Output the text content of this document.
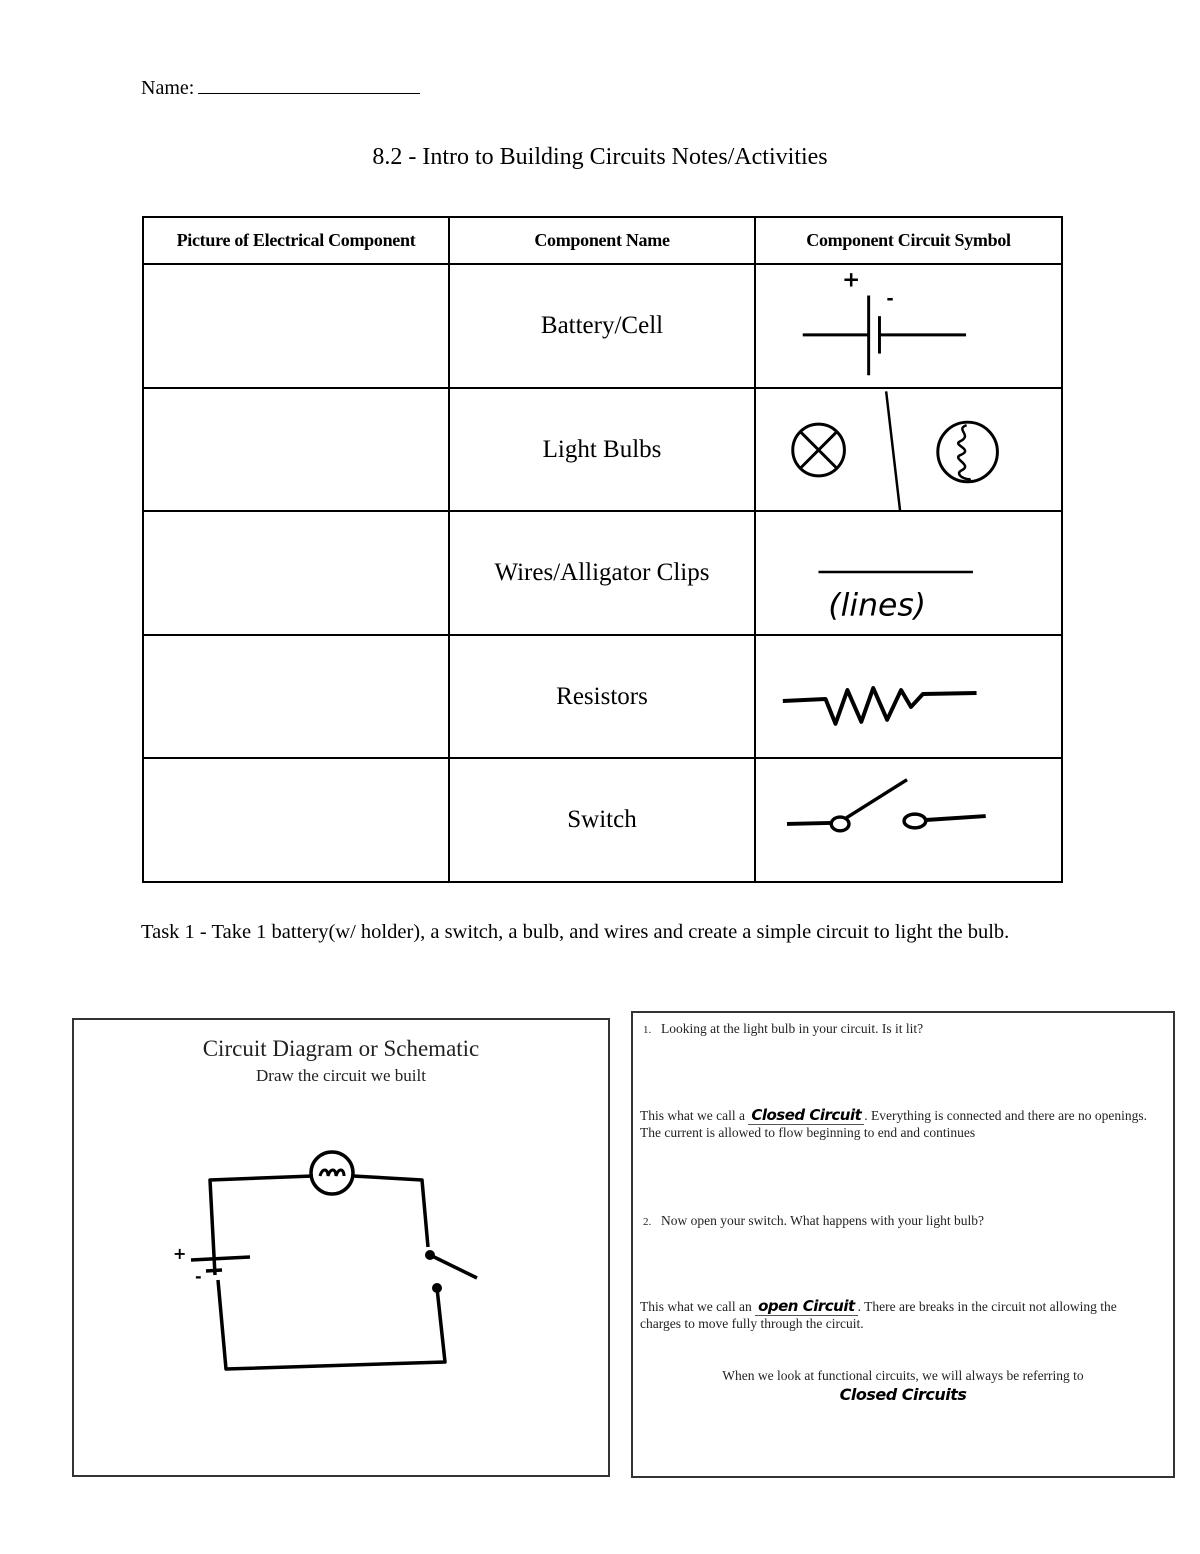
Name:
8.2 - Intro to Building Circuits Notes/Activities
Picture of Electrical Component	Component Name	Component Circuit Symbol
	Battery/Cell	+
-

	Light Bulbs	

	Wires/Alligator Clips	(lines)

	Resistors	

	Switch	
Task 1 - Take 1 battery(w/ holder), a switch, a bulb, and wires and create a simple circuit to light the bulb.
Circuit Diagram or Schematic
Draw the circuit we built
+
-
1. Looking at the light bulb in your circuit. Is it lit?
This what we call a Closed Circuit . Everything is connected and there are no openings.
The current is allowed to flow beginning to end and continues
2. Now open your switch. What happens with your light bulb?
This what we call an open Circuit . There are breaks in the circuit not allowing the charges to move fully through the circuit.
When we look at functional circuits, we will always be referring to
Closed Circuits
